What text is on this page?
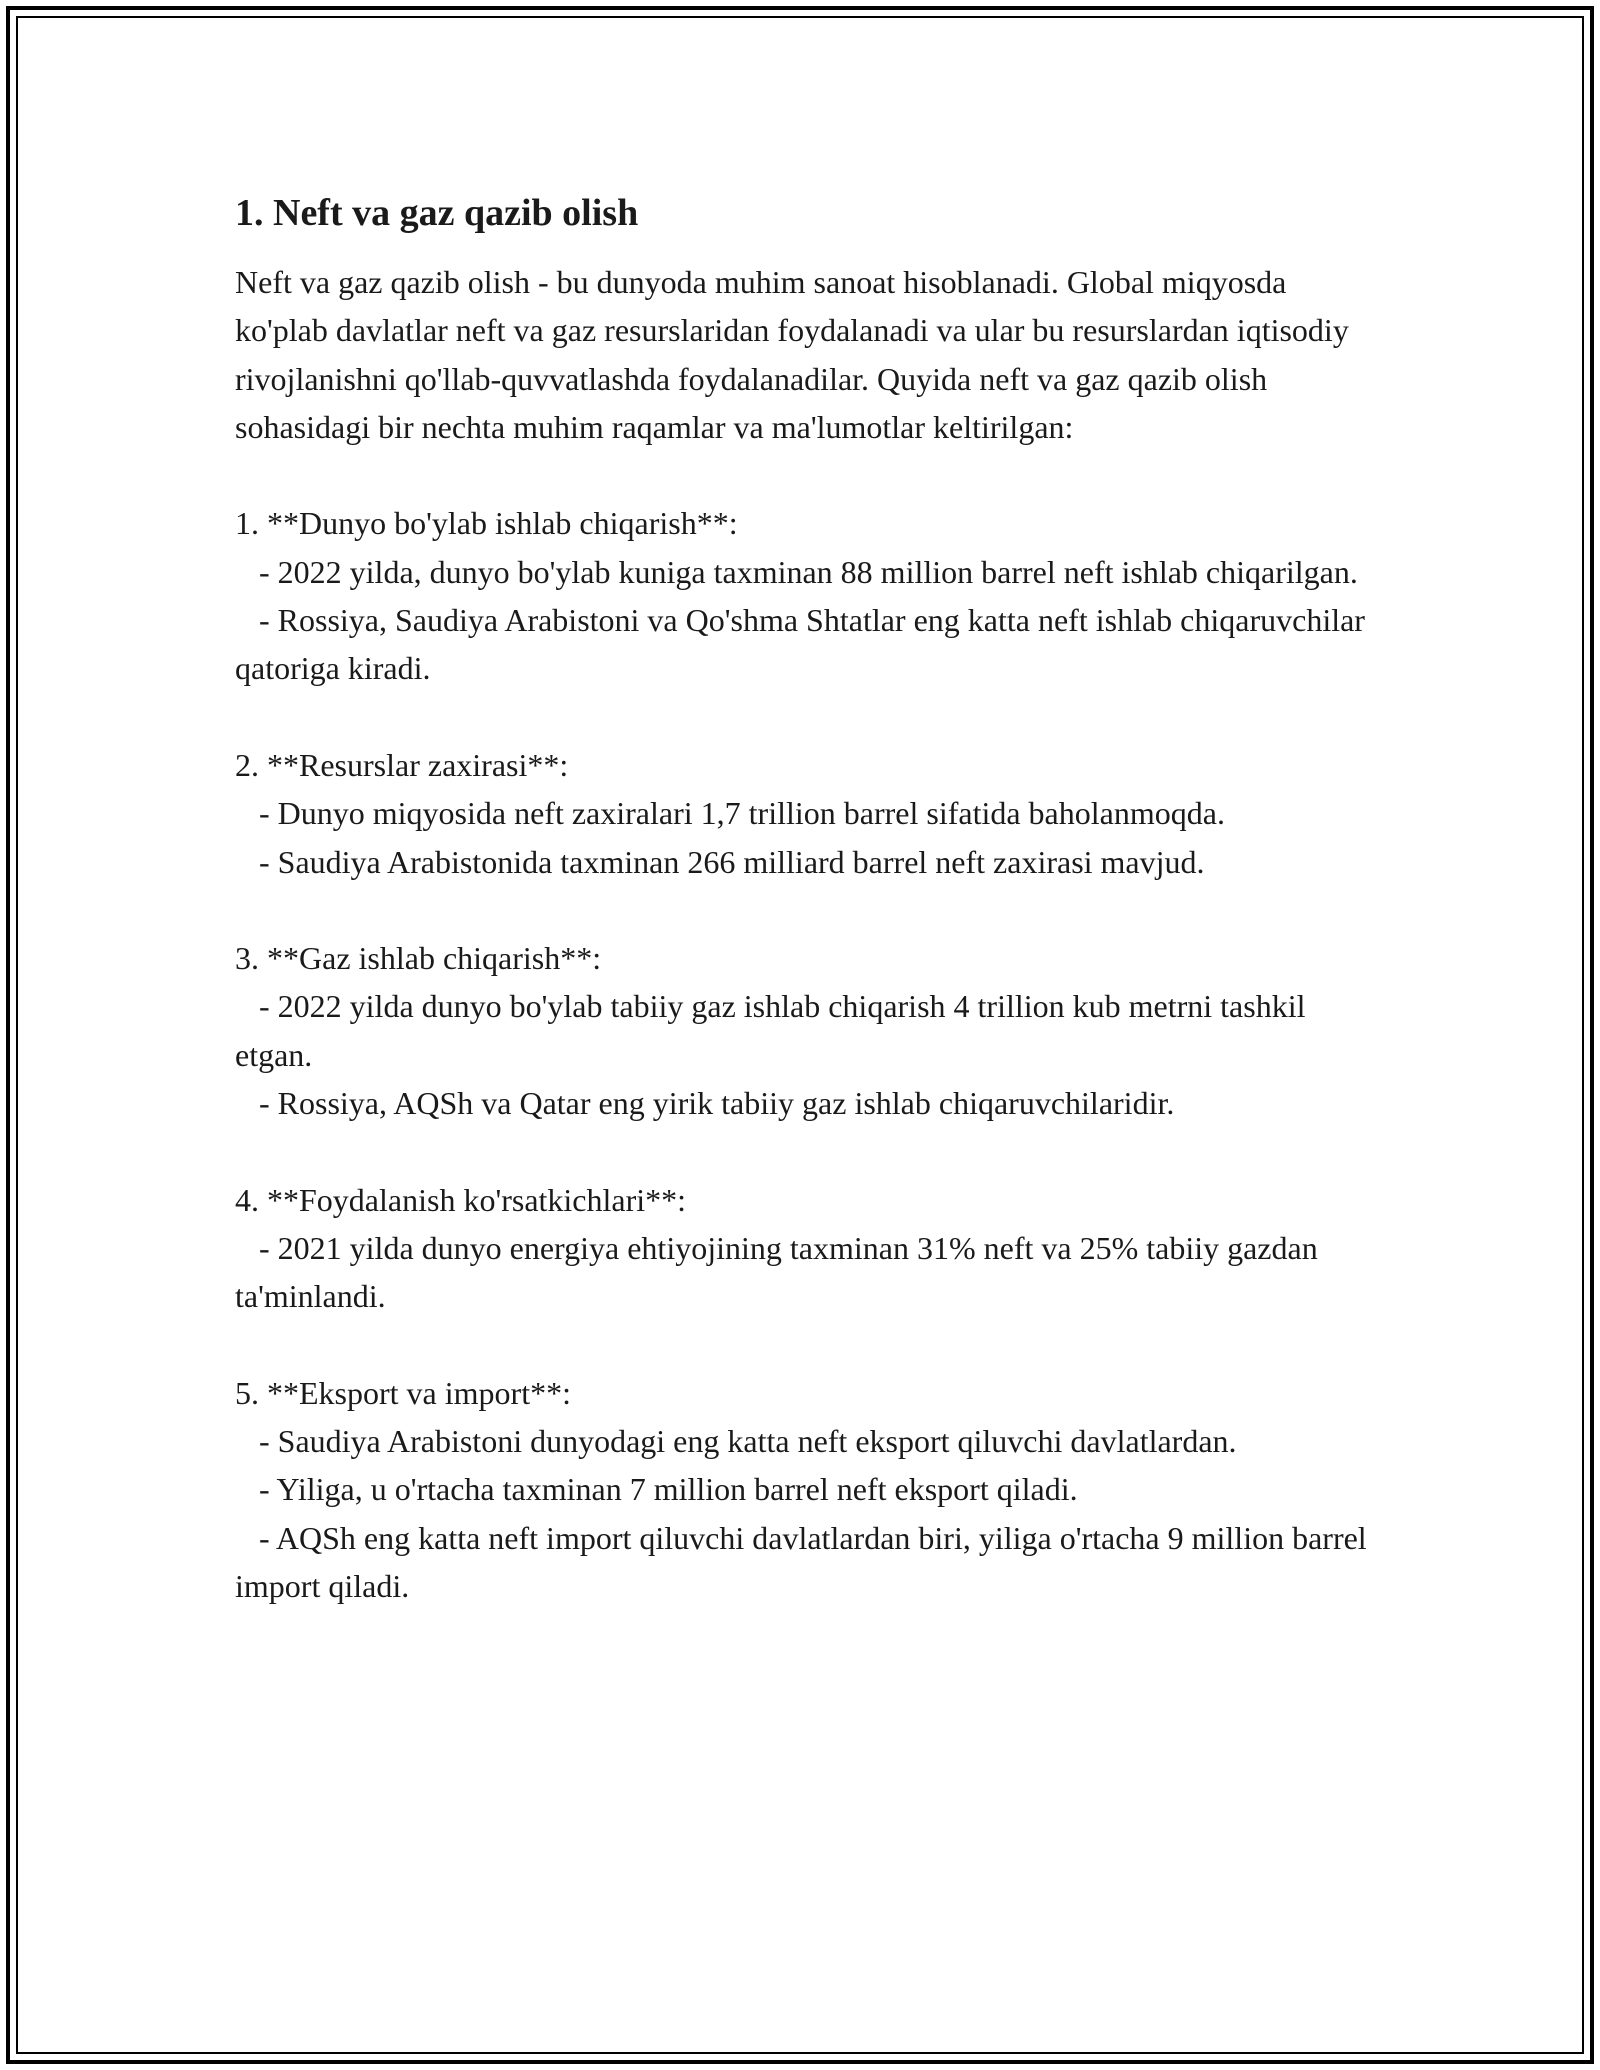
1. Neft va gaz qazib olish

Neft va gaz qazib olish - bu dunyoda muhim sanoat hisoblanadi. Global miqyosda ko'plab davlatlar neft va gaz resurslaridan foydalanadi va ular bu resurslardan iqtisodiy rivojlanishni qo'llab-quvvatlashda foydalanadilar. Quyida neft va gaz qazib olish sohasidagi bir nechta muhim raqamlar va ma'lumotlar keltirilgan:

1. **Dunyo bo'ylab ishlab chiqarish**:

- 2022 yilda, dunyo bo'ylab kuniga taxminan 88 million barrel neft ishlab chiqarilgan.

- Rossiya, Saudiya Arabistoni va Qo'shma Shtatlar eng katta neft ishlab chiqaruvchilar qatoriga kiradi.

2. **Resurslar zaxirasi**:

- Dunyo miqyosida neft zaxiralari 1,7 trillion barrel sifatida baholanmoqda.

- Saudiya Arabistonida taxminan 266 milliard barrel neft zaxirasi mavjud.

3. **Gaz ishlab chiqarish**:

- 2022 yilda dunyo bo'ylab tabiiy gaz ishlab chiqarish 4 trillion kub metrni tashkil etgan.

- Rossiya, AQSh va Qatar eng yirik tabiiy gaz ishlab chiqaruvchilaridir.

4. **Foydalanish ko'rsatkichlari**:

- 2021 yilda dunyo energiya ehtiyojining taxminan 31% neft va 25% tabiiy gazdan ta'minlandi.

5. **Eksport va import**:

- Saudiya Arabistoni dunyodagi eng katta neft eksport qiluvchi davlatlardan.

- Yiliga, u o'rtacha taxminan 7 million barrel neft eksport qiladi.

- AQSh eng katta neft import qiluvchi davlatlardan biri, yiliga o'rtacha 9 million barrel import qiladi.
